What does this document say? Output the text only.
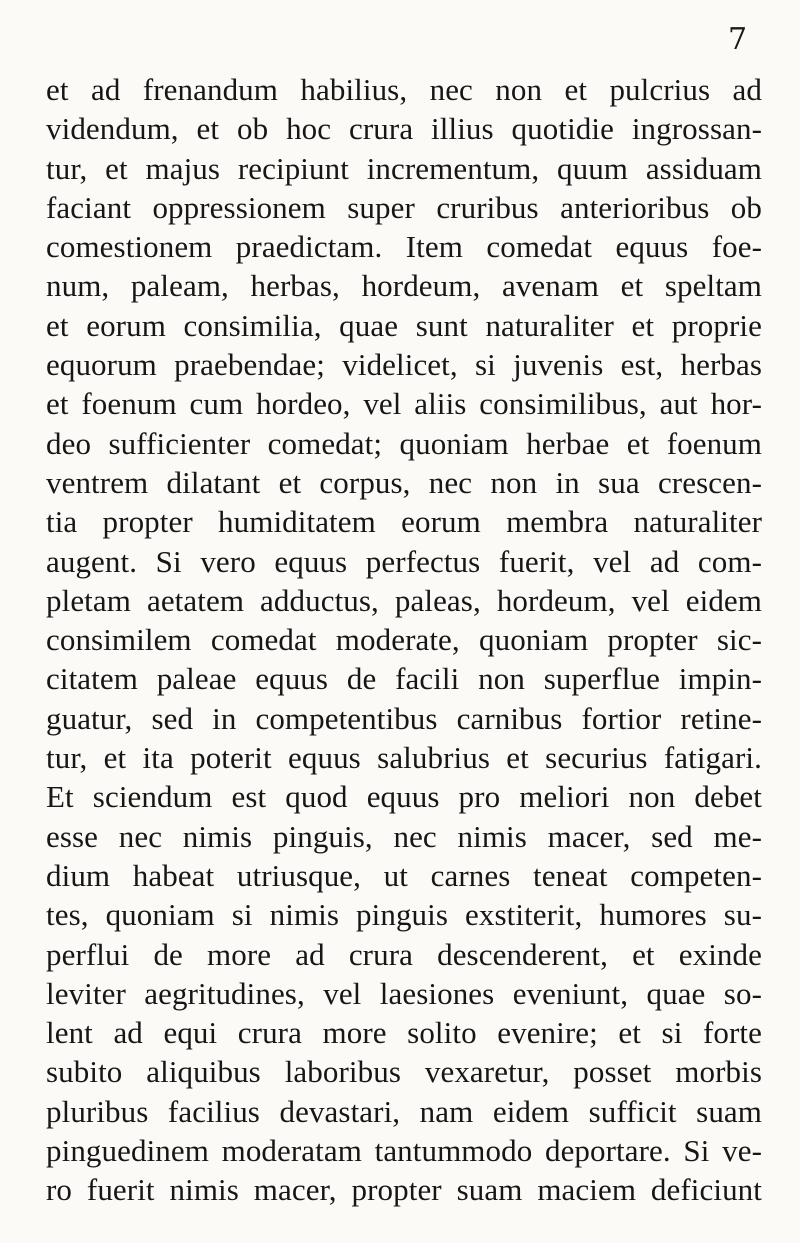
7
et ad frenandum habilius, nec non et pulcrius ad
videndum, et ob hoc crura illius quotidie ingrossan-
tur, et majus recipiunt incrementum, quum assiduam
faciant oppressionem super cruribus anterioribus ob
comestionem praedictam. Item comedat equus foe-
num, paleam, herbas, hordeum, avenam et speltam
et eorum consimilia, quae sunt naturaliter et proprie
equorum praebendae; videlicet, si juvenis est, herbas
et foenum cum hordeo, vel aliis consimilibus, aut hor-
deo sufficienter comedat; quoniam herbae et foenum
ventrem dilatant et corpus, nec non in sua crescen-
tia propter humiditatem eorum membra naturaliter
augent. Si vero equus perfectus fuerit, vel ad com-
pletam aetatem adductus, paleas, hordeum, vel eidem
consimilem comedat moderate, quoniam propter sic-
citatem paleae equus de facili non superflue impin-
guatur, sed in competentibus carnibus fortior retine-
tur, et ita poterit equus salubrius et securius fatigari.
Et sciendum est quod equus pro meliori non debet
esse nec nimis pinguis, nec nimis macer, sed me-
dium habeat utriusque, ut carnes teneat competen-
tes, quoniam si nimis pinguis exstiterit, humores su-
perflui de more ad crura descenderent, et exinde
leviter aegritudines, vel laesiones eveniunt, quae so-
lent ad equi crura more solito evenire; et si forte
subito aliquibus laboribus vexaretur, posset morbis
pluribus facilius devastari, nam eidem sufficit suam
pinguedinem moderatam tantummodo deportare. Si ve-
ro fuerit nimis macer, propter suam maciem deficiunt
